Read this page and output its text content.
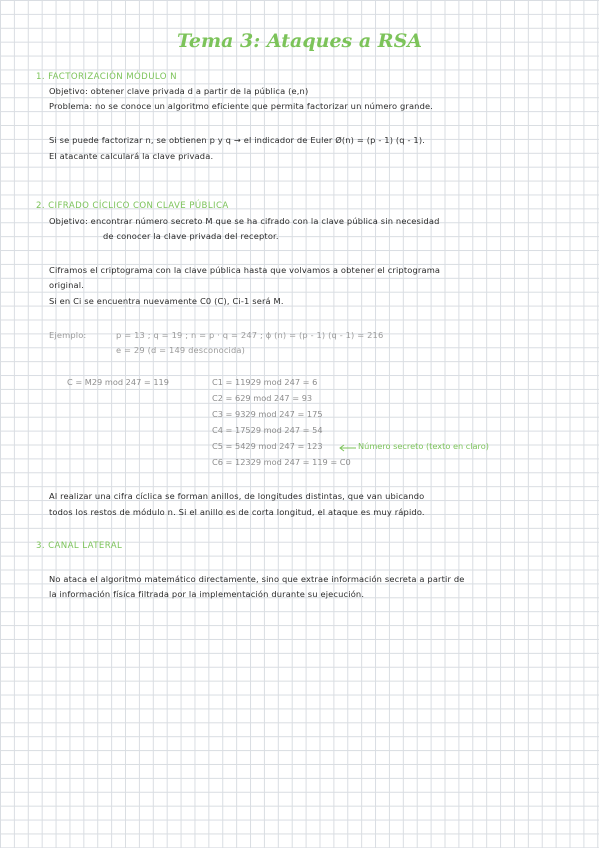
Tema 3: Ataques a RSA
1. FACTORIZACIÓN MÓDULO N
Objetivo: obtener clave privada d a partir de la pública (e,n)
Problema: no se conoce un algoritmo eficiente que permita factorizar un número grande.
Si se puede factorizar n, se obtienen p y q → el indicador de Euler Ø(n) = (p - 1) (q - 1).
El atacante calculará la clave privada.
2. CIFRADO CÍCLICO CON CLAVE PÚBLICA
Objetivo: encontrar número secreto M que se ha cifrado con la clave pública sin necesidad
de conocer la clave privada del receptor.
Ciframos el criptograma con la clave pública hasta que volvamos a obtener el criptograma
original.
Si en Ci se encuentra nuevamente C0 (C), Ci-1 será M.
Ejemplo:	p = 13 ; q = 19 ; n = p · q = 247 ; ϕ (n) = (p - 1) (q - 1) = 216
e = 29 (d = 149 desconocida)
C = M29 mod 247 = 119	C1 = 11929 mod 247 = 6
C2 = 629 mod 247 = 93
C3 = 9329 mod 247 = 175
C4 = 17529 mod 247 = 54
C5 = 5429 mod 247 = 123
C6 = 12329 mod 247 = 119 = C0
Número secreto (texto en claro)
Al realizar una cifra cíclica se forman anillos, de longitudes distintas, que van ubicando
todos los restos de módulo n. Si el anillo es de corta longitud, el ataque es muy rápido.
3. CANAL LATERAL
No ataca el algoritmo matemático directamente, sino que extrae información secreta a partir de
la información física filtrada por la implementación durante su ejecución.
